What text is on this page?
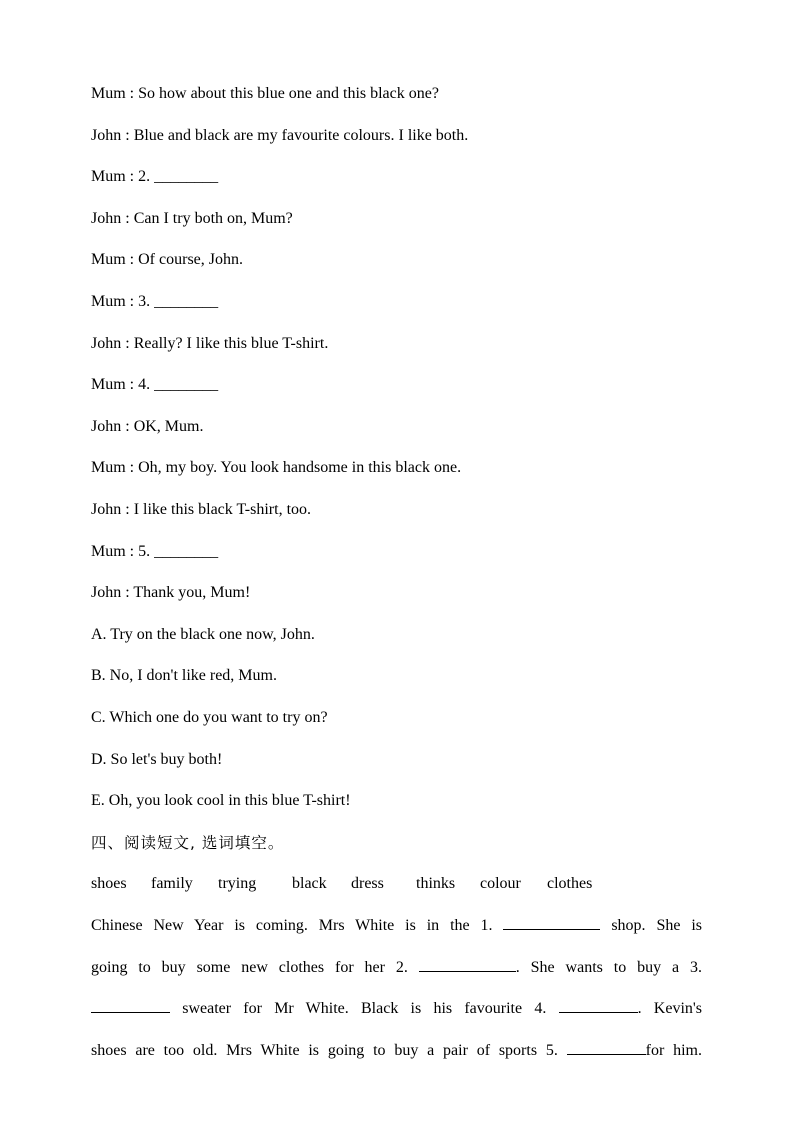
Mum : So how about this blue one and this black one?
John : Blue and black are my favourite colours. I like both.
Mum : 2. ________
John : Can I try both on, Mum?
Mum : Of course, John.
Mum : 3. ________
John : Really? I like this blue T-shirt.
Mum : 4. ________
John : OK, Mum.
Mum : Oh, my boy. You look handsome in this black one.
John : I like this black T-shirt, too.
Mum : 5. ________
John : Thank you, Mum!
A. Try on the black one now, John.
B. No, I don't like red, Mum.
C. Which one do you want to try on?
D. So let's buy both!
E. Oh, you look cool in this blue T-shirt!
四、阅读短文, 选词填空。
shoes	family	trying	black	dress	thinks	colour	clothes
Chinese New Year is coming. Mrs White is in the 1.	shop. She is
going to buy some new clothes for her 2.	. She wants to buy a 3.
sweater for Mr White. Black is his favourite 4.	. Kevin's
shoes are too old. Mrs White is going to buy a pair of sports 5.	for him.
